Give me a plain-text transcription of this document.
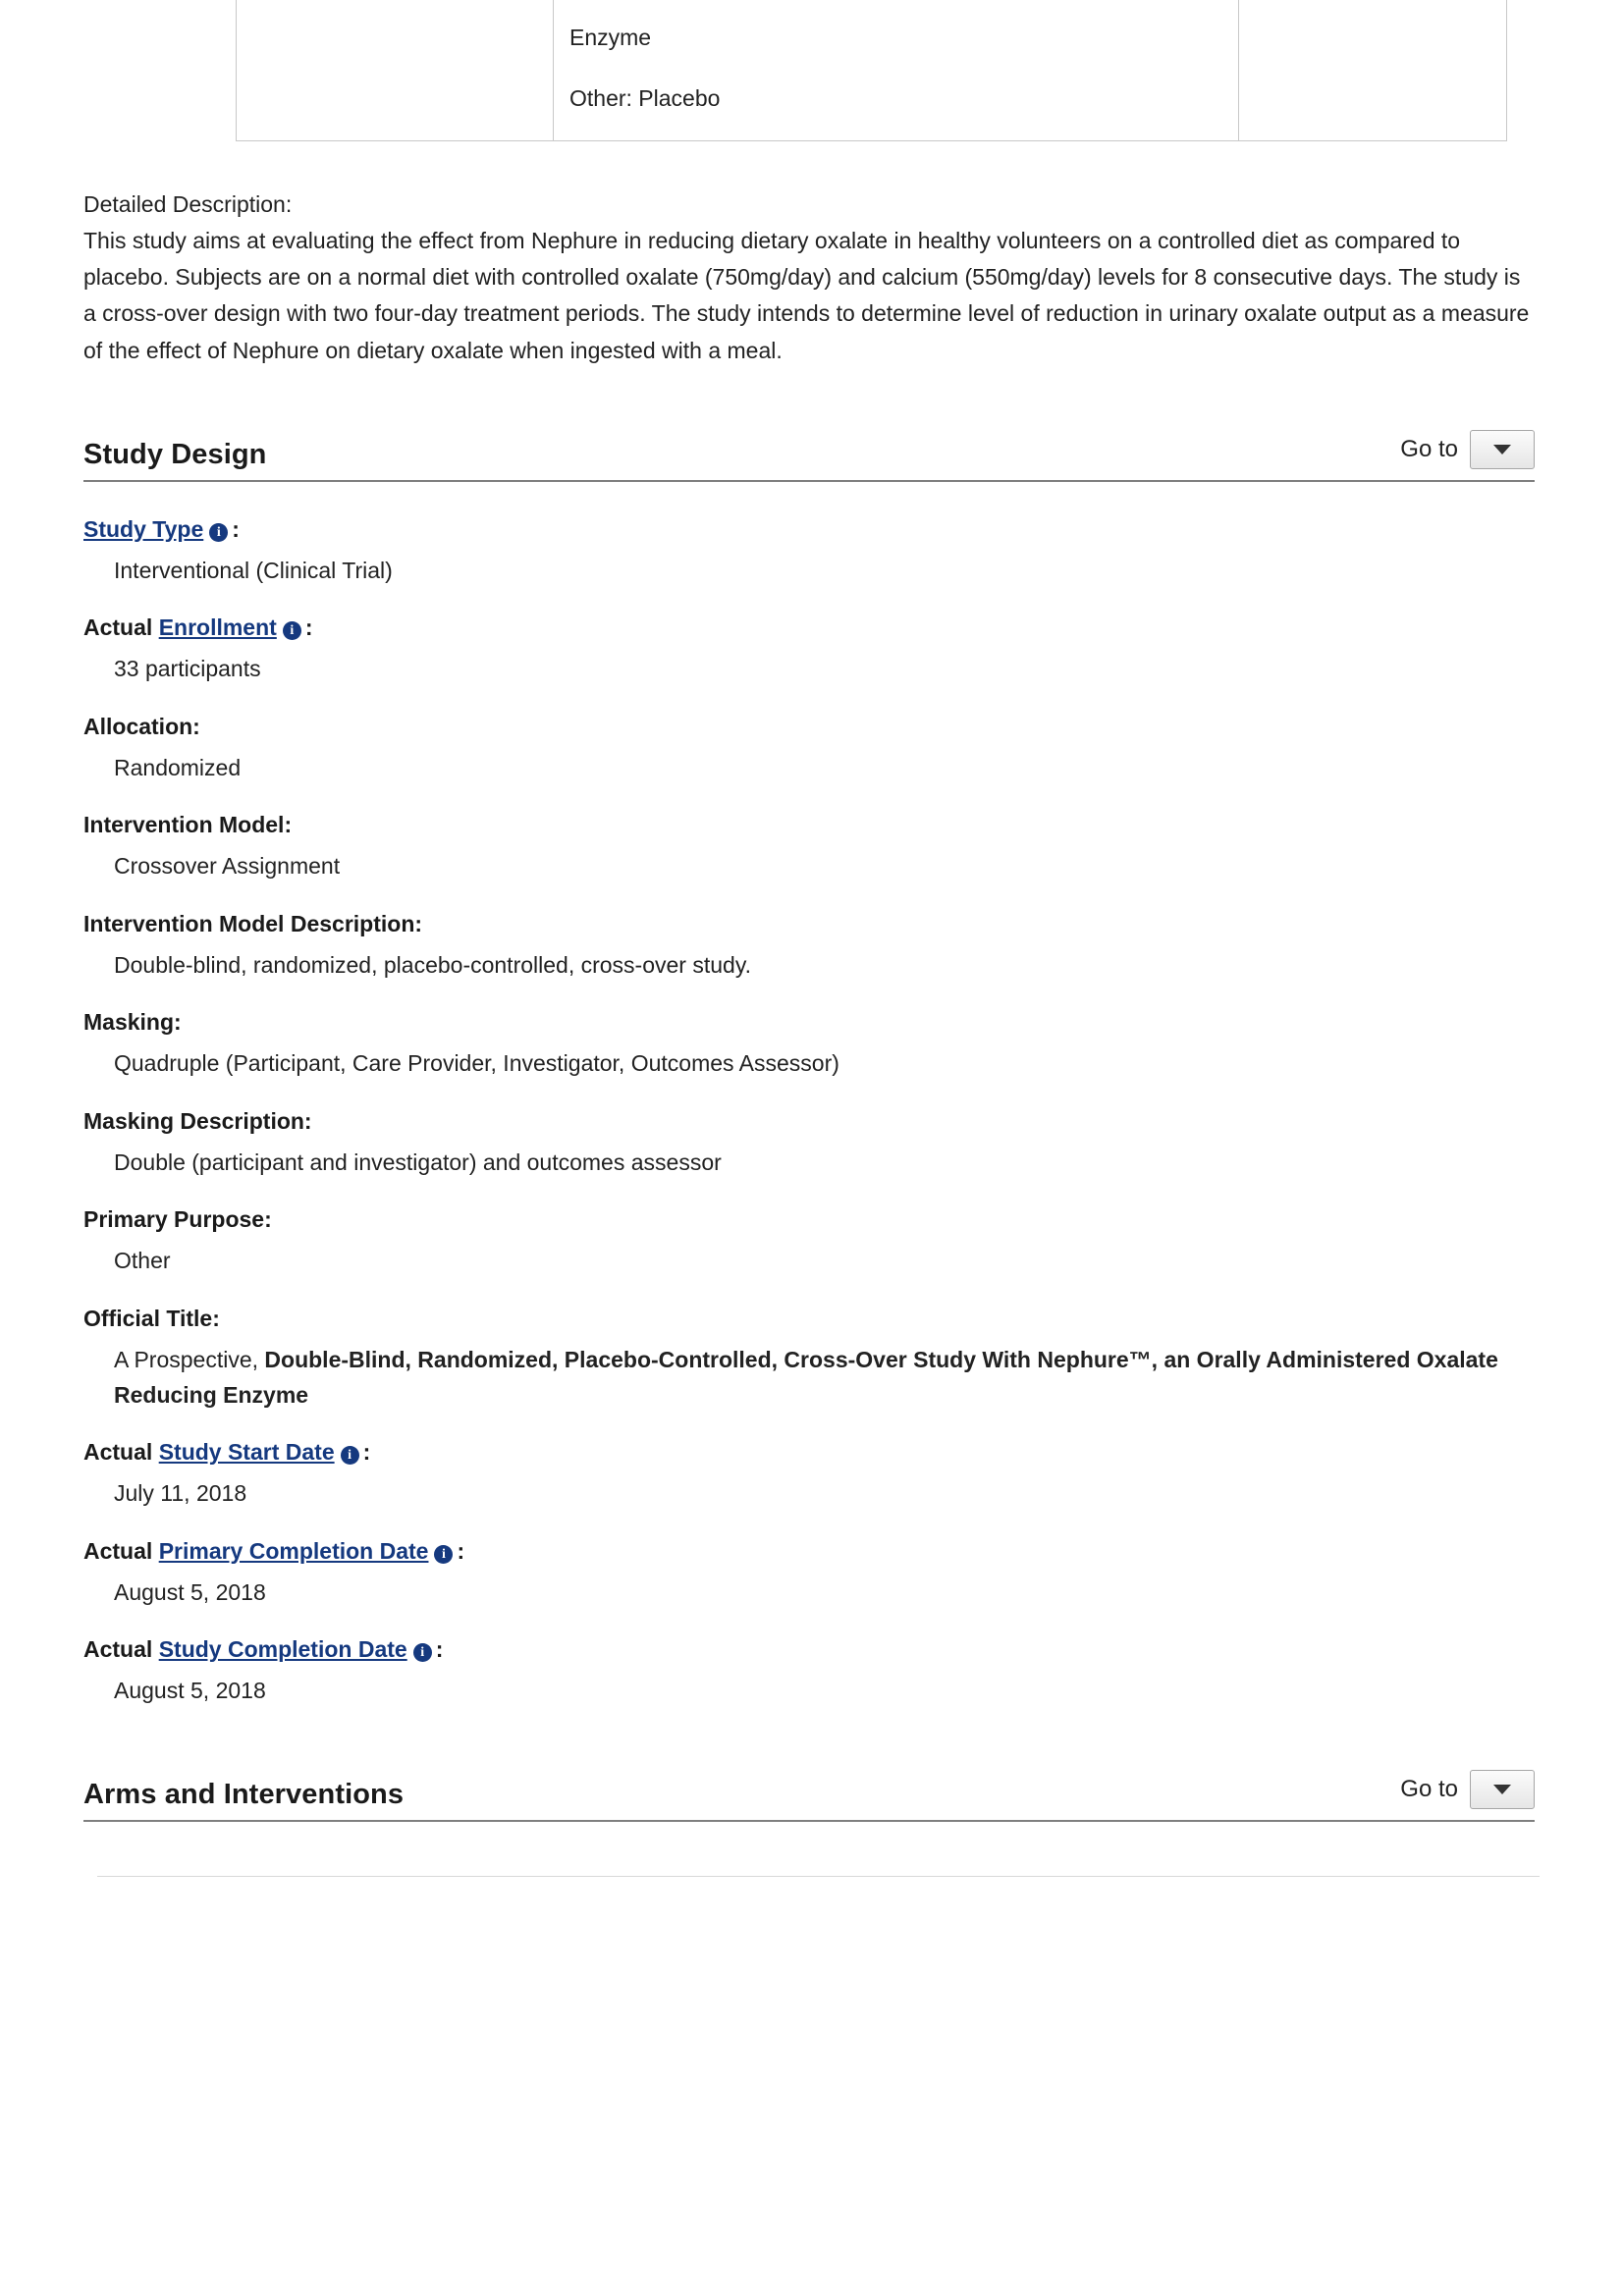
Enzyme
Other: Placebo

Detailed Description:

This study aims at evaluating the effect from Nephure in reducing dietary oxalate in healthy volunteers on a controlled diet as compared to placebo. Subjects are on a normal diet with controlled oxalate (750mg/day) and calcium (550mg/day) levels for 8 consecutive days. The study is a cross-over design with two four-day treatment periods. The study intends to determine level of reduction in urinary oxalate output as a measure of the effect of Nephure on dietary oxalate when ingested with a meal.

Study Design	Go to
Study Type i :
Interventional (Clinical Trial)
Actual Enrollment i :
33 participants
Allocation:
Randomized
Intervention Model:
Crossover Assignment
Intervention Model Description:
Double-blind, randomized, placebo-controlled, cross-over study.
Masking:
Quadruple (Participant, Care Provider, Investigator, Outcomes Assessor)
Masking Description:
Double (participant and investigator) and outcomes assessor
Primary Purpose:
Other
Official Title:
A Prospective, Double-Blind, Randomized, Placebo-Controlled, Cross-Over Study With Nephure™, an Orally Administered Oxalate Reducing Enzyme
Actual Study Start Date i :
July 11, 2018
Actual Primary Completion Date i :
August 5, 2018
Actual Study Completion Date i :
August 5, 2018
Arms and Interventions	Go to
